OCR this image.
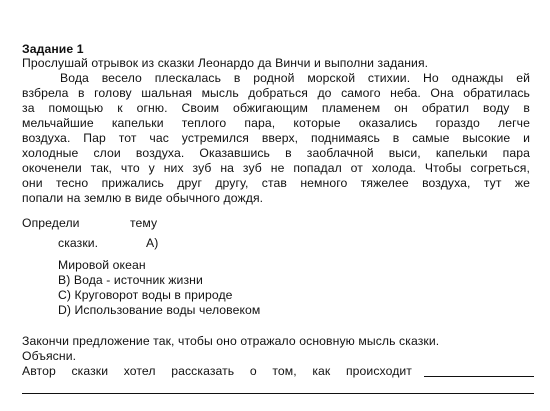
Задание 1
Прослушай отрывок из сказки Леонардо да Винчи и выполни задания.
Вода весело плескалась в родной морской стихии. Но однажды ей
взбрела в голову шальная мысль добраться до самого неба. Она обратилась
за помощью к огню. Своим обжигающим пламенем он обратил воду в
мельчайшие капельки теплого пара, которые оказались гораздо легче
воздуха. Пар тот час устремился вверх, поднимаясь в самые высокие и
холодные слои воздуха. Оказавшись в заоблачной выси, капельки пара
окоченели так, что у них зуб на зуб не попадал от холода. Чтобы согреться,
они тесно прижались друг другу, став немного тяжелее воздуха, тут же
попали на землю в виде обычного дождя.
Определи	тему
сказки.	А)
Мировой океан
B) Вода - источник жизни
C) Круговорот воды в природе
D) Использование воды человеком
Закончи предложение так, чтобы оно отражало основную мысль сказки.
Объясни.
Автор сказки хотел рассказать о том, как происходит
